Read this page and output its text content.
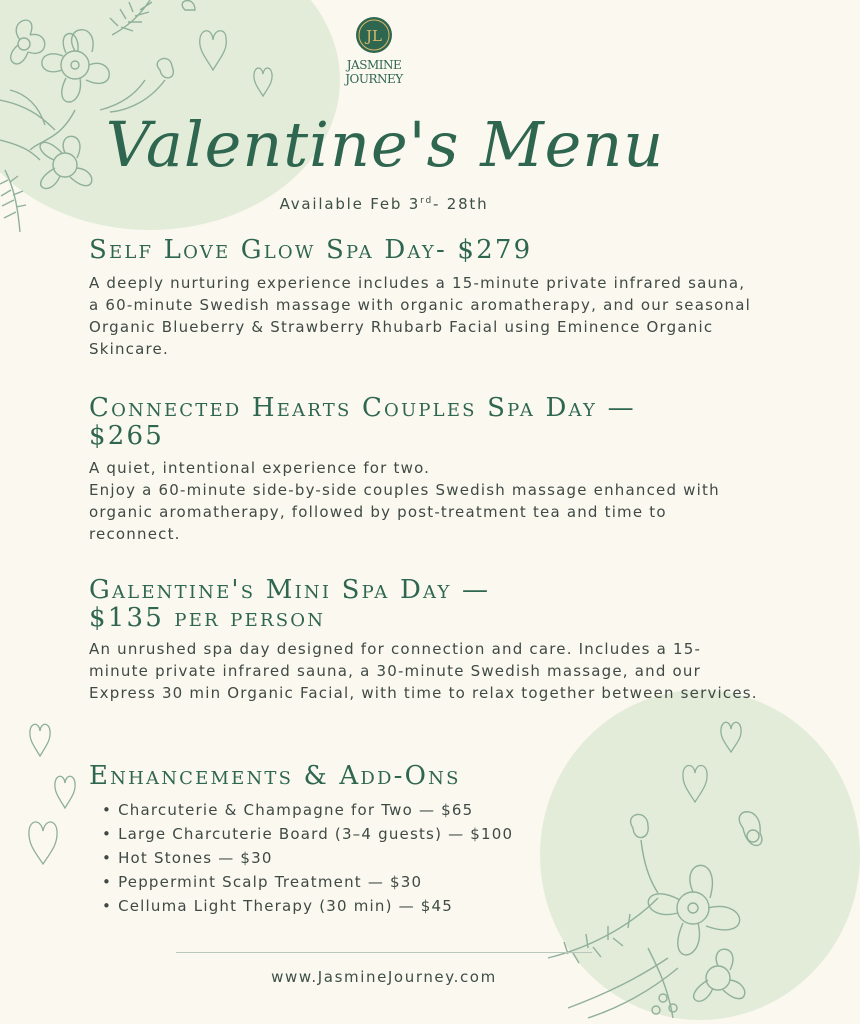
JL
JASMINE
JOURNEY
Valentine's Menu
Available Feb 3rd- 28th
Self Love Glow Spa Day- $279

A deeply nurturing experience includes a 15-minute private infrared sauna, a 60-minute Swedish massage with organic aromatherapy, and our seasonal Organic Blueberry & Strawberry Rhubarb Facial using Eminence Organic Skincare.

Connected Hearts Couples Spa Day —
$265

A quiet, intentional experience for two.

Enjoy a 60-minute side-by-side couples Swedish massage enhanced with organic aromatherapy, followed by post-treatment tea and time to reconnect.

Galentine's Mini Spa Day —
$135 per person

An unrushed spa day designed for connection and care. Includes a 15-minute private infrared sauna, a 30-minute Swedish massage, and our Express 30 min Organic Facial, with time to relax together between services.

Enhancements & Add-Ons
• Charcuterie & Champagne for Two — $65
• Large Charcuterie Board (3–4 guests) — $100
• Hot Stones — $30
• Peppermint Scalp Treatment — $30
• Celluma Light Therapy (30 min) — $45
www.JasmineJourney.com
